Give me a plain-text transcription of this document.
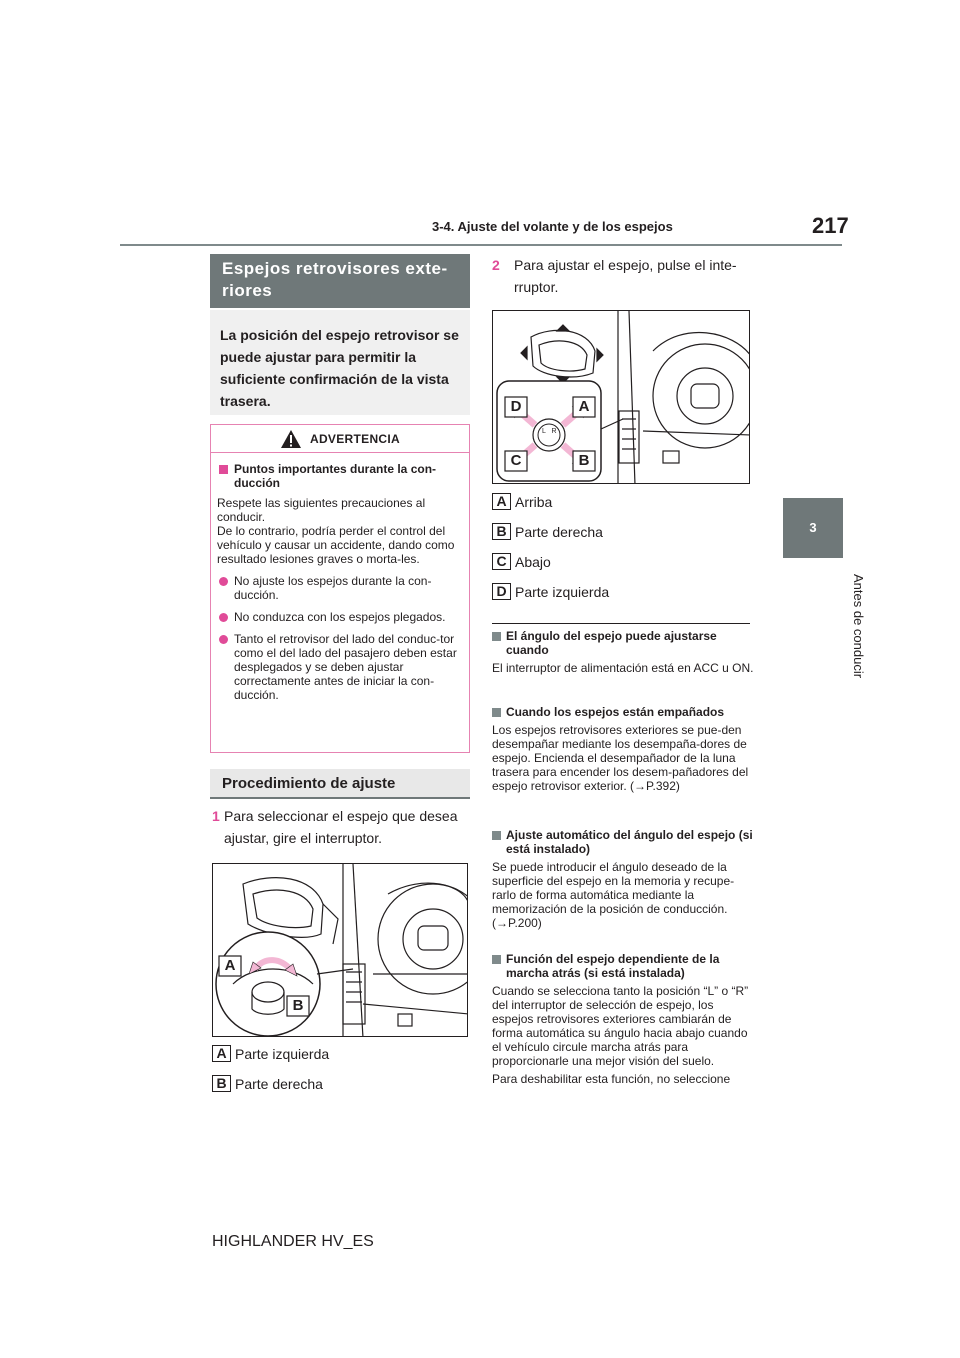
3-4. Ajuste del volante y de los espejos	217
3
Antes de conducir
Espejos retrovisores exte-riores
La posición del espejo retrovisor se puede ajustar para permitir la suficiente confirmación de la vista trasera.
ADVERTENCIA
Puntos importantes durante la con-ducción
Respete las siguientes precauciones al conducir.
De lo contrario, podría perder el control del vehículo y causar un accidente, dando como resultado lesiones graves o morta-les.
No ajuste los espejos durante la con-ducción.
No conduzca con los espejos plegados.
Tanto el retrovisor del lado del conduc-tor como el del lado del pasajero deben estar desplegados y se deben ajustar correctamente antes de iniciar la con-ducción.
Procedimiento de ajuste
1 Para seleccionar el espejo que desea ajustar, gire el interruptor.
A
B
A Parte izquierda
B Parte derecha
2	Para ajustar el espejo, pulse el inte-rruptor.
L R
D	A
C	B
A Arriba
B Parte derecha
C Abajo
D Parte izquierda
El ángulo del espejo puede ajustarse cuando
El interruptor de alimentación está en ACC u ON.
Cuando los espejos están empañados
Los espejos retrovisores exteriores se pue-den desempañar mediante los desempaña-dores de espejo. Encienda el desempañador de la luna trasera para encender los desem-pañadores del espejo retrovisor exterior. (→P.392)
Ajuste automático del ángulo del espejo (si está instalado)
Se puede introducir el ángulo deseado de la superficie del espejo en la memoria y recupe-rarlo de forma automática mediante la memorización de la posición de conducción. (→P.200)
Función del espejo dependiente de la marcha atrás (si está instalada)
Cuando se selecciona tanto la posición “L” o “R” del interruptor de selección de espejo, los espejos retrovisores exteriores cambiarán de forma automática su ángulo hacia abajo cuando el vehículo circule marcha atrás para proporcionarle una mejor visión del suelo.
Para deshabilitar esta función, no seleccione
HIGHLANDER HV_ES
